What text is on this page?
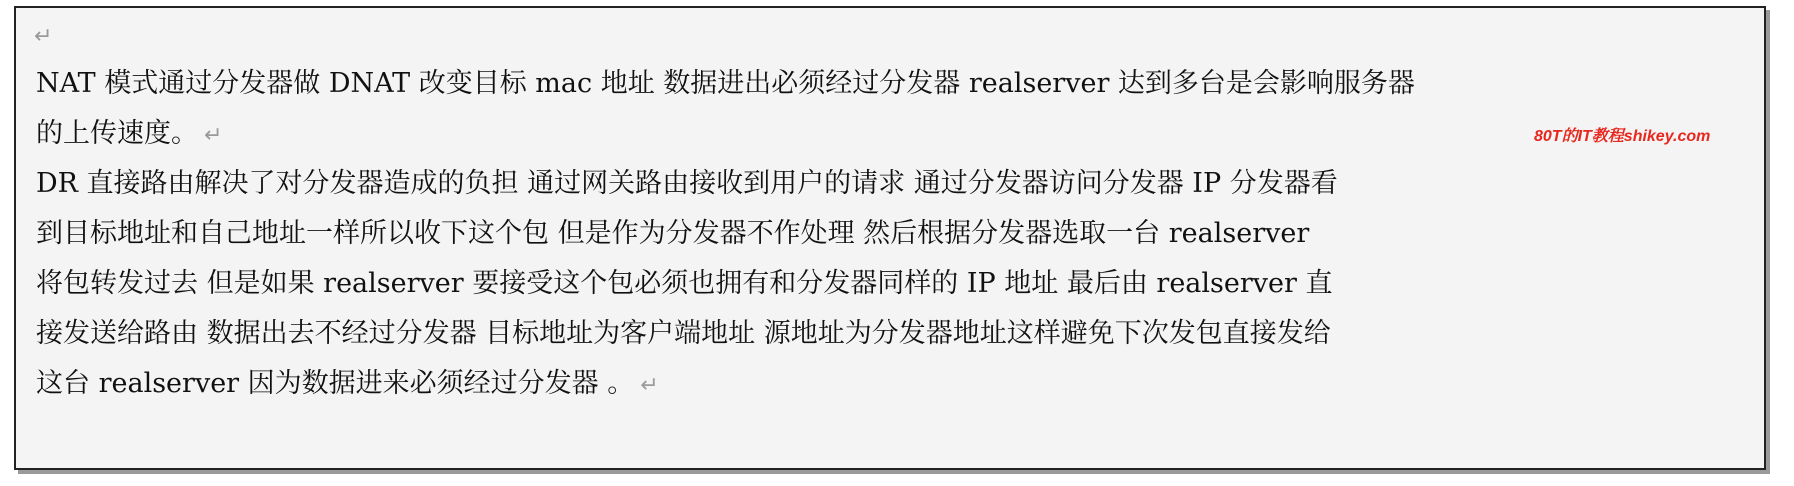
↵
NAT 模式通过分发器做 DNAT 改变目标 mac 地址 数据进出必须经过分发器 realserver 达到多台是会影响服务器
的上传速度。 ↵	80T的IT教程shikey.com
DR 直接路由解决了对分发器造成的负担 通过网关路由接收到用户的请求 通过分发器访问分发器 IP 分发器看
到目标地址和自己地址一样所以收下这个包 但是作为分发器不作处理 然后根据分发器选取一台 realserver
将包转发过去 但是如果 realserver 要接受这个包必须也拥有和分发器同样的 IP 地址 最后由 realserver 直
接发送给路由 数据出去不经过分发器 目标地址为客户端地址 源地址为分发器地址这样避免下次发包直接发给
这台 realserver 因为数据进来必须经过分发器 。 ↵
